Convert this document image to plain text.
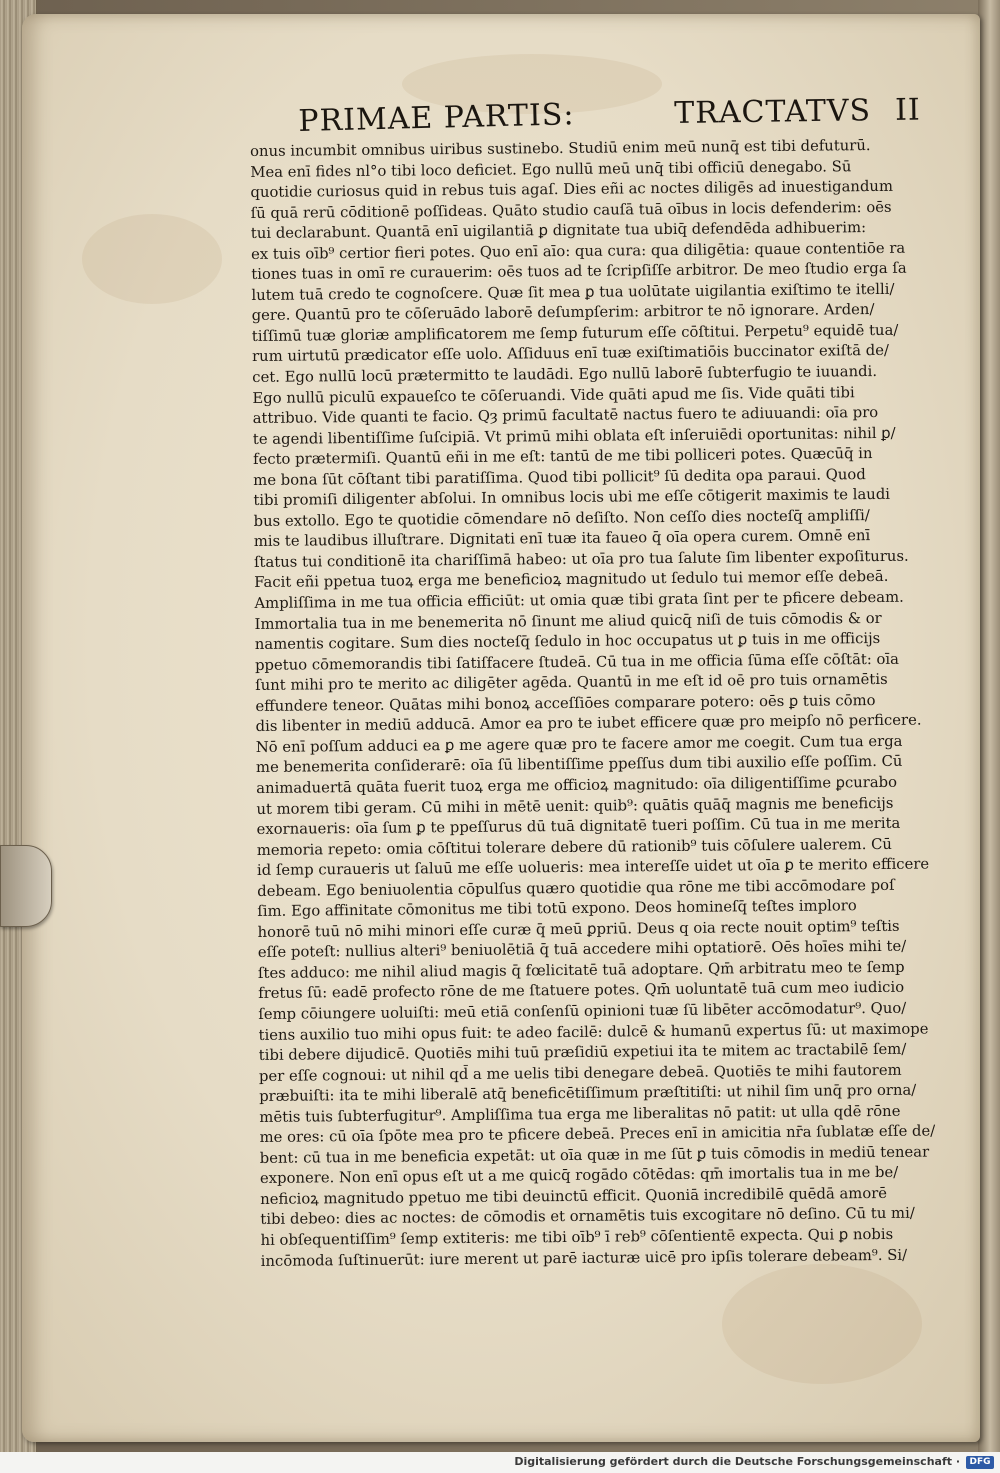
PRIMAE PARTIS:	TRACTATVS II
onus incumbit omnibus uiribus sustinebo. Studiū enim meū nunq̄ est tibi defuturū.
Mea enī fides nl°o tibi loco deficiet. Ego nullū meū unq̄ tibi officiū denegabo. Sū
quotidie curiosus quid in rebus tuis agaſ. Dies eñi ac noctes diligēs ad inuestigandum
ſū quā rerū cōditionē poſſideas. Quāto studio cauſā tuā oībus in locis defenderim: oēs
tui declarabunt. Quantā enī uigilantiā ꝑ dignitate tua ubiq̄ defendēda adhibuerim:
ex tuis oīb⁹ certior fieri potes. Quo enī aīo: qua cura: qua diligētia: quaue contentiōe ra
tiones tuas in omī re curauerim: oēs tuos ad te ſcripſiſſe arbitror. De meo ſtudio erga ſa
lutem tuā credo te cognoſcere. Quæ ſit mea ꝑ tua uolūtate uigilantia exiſtimo te itelli/
gere. Quantū pro te cōſeruādo laborē deſumpſerim: arbitror te nō ignorare. Arden/
tiſſimū tuæ gloriæ amplificatorem me ſemp futurum eſſe cōſtitui. Perpetu⁹ equidē tua/
rum uirtutū prædicator eſſe uolo. Aſſiduus enī tuæ exiſtimatiōis buccinator exiſtā de/
cet. Ego nullū locū prætermitto te laudādi. Ego nullū laborē ſubterfugio te iuuandi.
Ego nullū piculū expaueſco te cōſeruandi. Vide quāti apud me ſis. Vide quāti tibi
attribuo. Vide quanti te facio. Qȝ primū facultatē nactus fuero te adiuuandi: oīa pro
te agendi libentiſſime ſuſcipiā. Vt primū mihi oblata eſt inſeruiēdi oportunitas: nihil ꝑ/
fecto prætermiſi. Quantū eñi in me eſt: tantū de me tibi polliceri potes. Quæcūq̄ in
me bona ſūt cōſtant tibi paratiſſima. Quod tibi pollicit⁹ ſū dedita opa paraui. Quod
tibi promiſi diligenter abſolui. In omnibus locis ubi me eſſe cōtigerit maximis te laudi
bus extollo. Ego te quotidie cōmendare nō deſiſto. Non ceſſo dies nocteſq̄ ampliſſi/
mis te laudibus illuſtrare. Dignitati enī tuæ ita faueo q̄ oīa opera curem. Omnē enī
ſtatus tui conditionē ita chariſſimā habeo: ut oīa pro tua ſalute ſim libenter expoſiturus.
Facit eñi ppetua tuoꝝ erga me beneficioꝝ magnitudo ut ſedulo tui memor eſſe debeā.
Ampliſſima in me tua officia efficiūt: ut omia quæ tibi grata ſint per te pficere debeam.
Immortalia tua in me benemerita nō ſinunt me aliud quicq̄ niſi de tuis cōmodis & or
namentis cogitare. Sum dies nocteſq̄ ſedulo in hoc occupatus ut ꝑ tuis in me officijs
ppetuo cōmemorandis tibi ſatiſfacere ſtudeā. Cū tua in me officia ſūma eſſe cōſtāt: oīa
ſunt mihi pro te merito ac diligēter agēda. Quantū in me eſt id oē pro tuis ornamētis
effundere teneor. Quātas mihi bonoꝝ acceſſiōes comparare potero: oēs ꝑ tuis cōmo
dis libenter in mediū adducā. Amor ea pro te iubet efficere quæ pro meipſo nō perficere.
Nō enī poſſum adduci ea ꝑ me agere quæ pro te facere amor me coegit. Cum tua erga
me benemerita conſiderarē: oīa ſū libentiſſime ppeſſus dum tibi auxilio eſſe poſſim. Cū
animaduertā quāta fuerit tuoꝝ erga me officioꝝ magnitudo: oīa diligentiſſime ꝑcurabo
ut morem tibi geram. Cū mihi in mētē uenit: quib⁹: quātis quāq̄ magnis me beneficijs
exornaueris: oīa ſum ꝑ te ppeſſurus dū tuā dignitatē tueri poſſim. Cū tua in me merita
memoria repeto: omia cōſtitui tolerare debere dū rationib⁹ tuis cōſulere ualerem. Cū
id ſemp curaueris ut ſaluū me eſſe uolueris: mea intereſſe uidet ut oīa ꝑ te merito efficere
debeam. Ego beniuolentia cōpulſus quæro quotidie qua rōne me tibi accōmodare poſ
ſim. Ego affinitate cōmonitus me tibi totū expono. Deos homineſq̄ teſtes imploro
honorē tuū nō mihi minori eſſe curæ q̄ meū ꝑpriū. Deus q oia recte nouit optim⁹ teſtis
eſſe poteſt: nullius alteri⁹ beniuolētiā q̄ tuā accedere mihi optatiorē. Oēs hoīes mihi te/
ſtes adduco: me nihil aliud magis q̄ fœlicitatē tuā adoptare. Qm̄ arbitratu meo te ſemp
fretus ſū: eadē profecto rōne de me ſtatuere potes. Qm̄ uoluntatē tuā cum meo iudicio
ſemp cōiungere uoluiſti: meū etiā conſenſū opinioni tuæ ſū libēter accōmodatur⁹. Quo/
tiens auxilio tuo mihi opus fuit: te adeo facilē: dulcē & humanū expertus ſū: ut maximope
tibi debere dijudicē. Quotiēs mihi tuū præſidiū expetiui ita te mitem ac tractabilē ſem/
per eſſe cognoui: ut nihil qd̄ a me uelis tibi denegare debeā. Quotiēs te mihi fautorem
præbuiſti: ita te mihi liberalē atq̄ beneficētiſſimum præſtitiſti: ut nihil ſim unq̄ pro orna/
mētis tuis ſubterfugitur⁹. Ampliſſima tua erga me liberalitas nō patit: ut ulla qdē rōne
me ores: cū oīa ſpōte mea pro te pficere debeā. Preces enī in amicitia nr̄a ſublatæ eſſe de/
bent: cū tua in me beneficia expetāt: ut oīa quæ in me ſūt ꝑ tuis cōmodis in mediū tenear
exponere. Non enī opus eſt ut a me quicq̄ rogādo cōtēdas: qm̄ imortalis tua in me be/
neficioꝝ magnitudo ppetuo me tibi deuinctū efficit. Quoniā incredibilē quēdā amorē
tibi debeo: dies ac noctes: de cōmodis et ornamētis tuis excogitare nō deſino. Cū tu mi/
hi obſequentiſſim⁹ ſemp extiteris: me tibi oīb⁹ ī reb⁹ cōſentientē expecta. Qui ꝑ nobis
incōmoda ſuſtinuerūt: iure merent ut parē iacturæ uicē pro ipſis tolerare debeam⁹. Si/
Digitalisierung gefördert durch die Deutsche Forschungsgemeinschaft ·	DFG
